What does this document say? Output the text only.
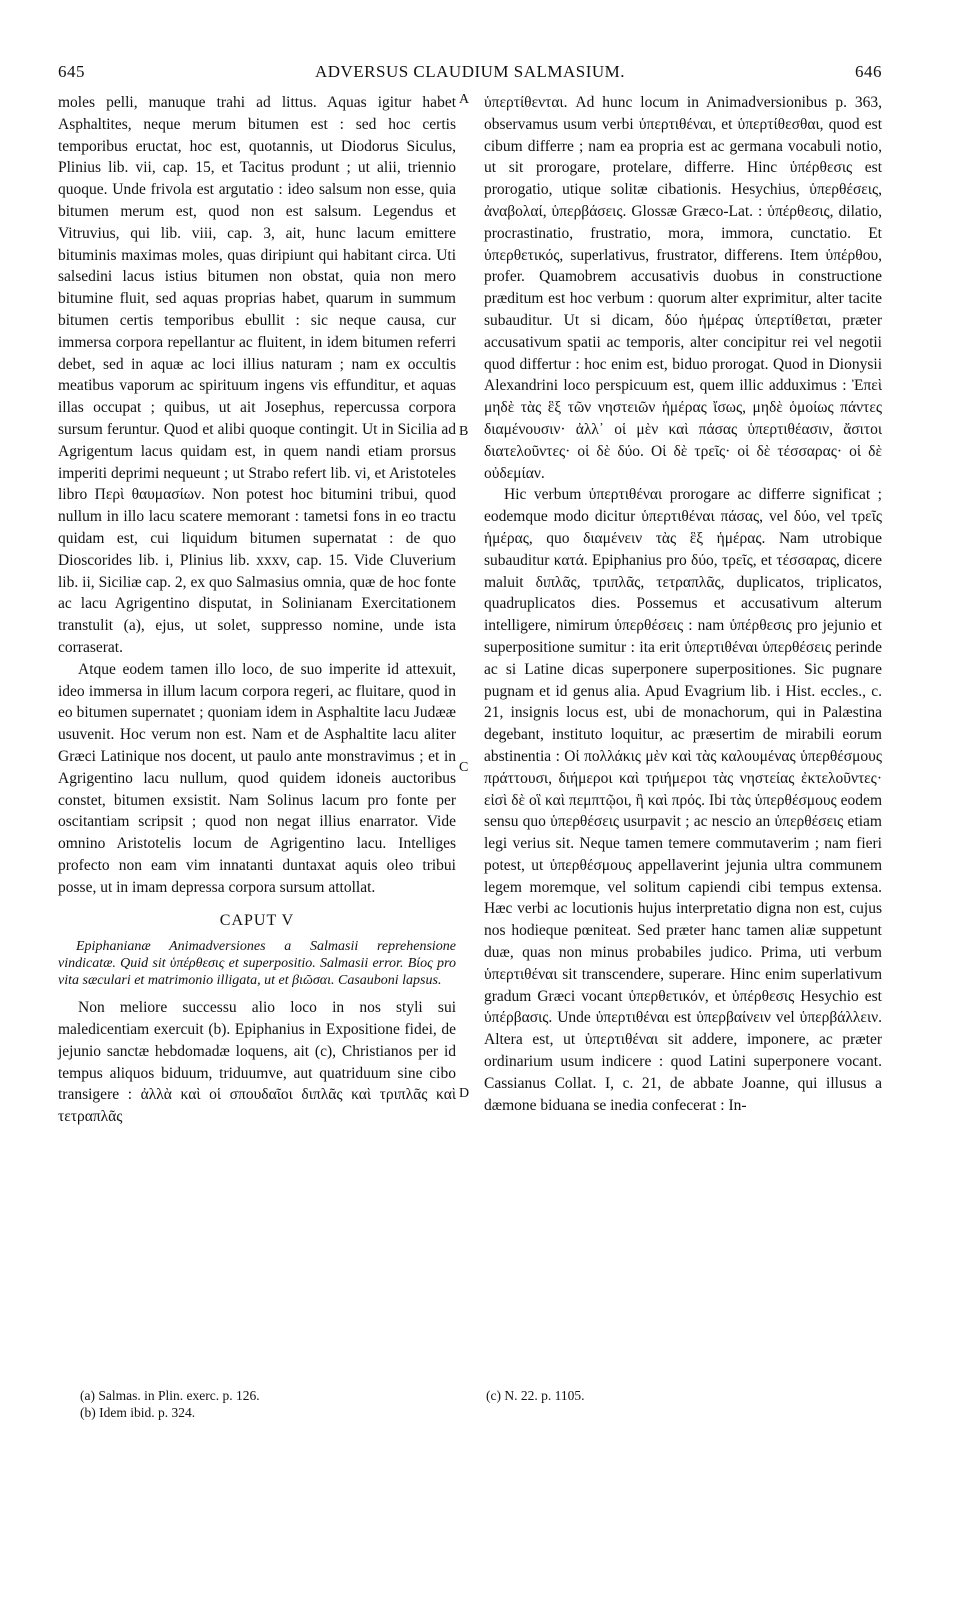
645	ADVERSUS CLAUDIUM SALMASIUM.	646

moles pelli, manuque trahi ad littus. Aquas igitur habet Asphaltites, neque merum bitumen est : sed hoc certis temporibus eructat, hoc est, quotannis, ut Diodorus Siculus, Plinius lib. vii, cap. 15, et Tacitus produnt ; ut alii, triennio quoque. Unde frivola est argutatio : ideo salsum non esse, quia bitumen merum est, quod non est salsum. Legendus et Vitruvius, qui lib. viii, cap. 3, ait, hunc lacum emittere bituminis maximas moles, quas diripiunt qui habitant circa. Uti salsedini lacus istius bitumen non obstat, quia non mero bitumine fluit, sed aquas proprias habet, quarum in summum bitumen certis temporibus ebullit : sic neque causa, cur immersa corpora repellantur ac fluitent, in idem bitumen referri debet, sed in aquæ ac loci illius naturam ; nam ex occultis meatibus vaporum ac spirituum ingens vis effunditur, et aquas illas occupat ; quibus, ut ait Josephus, repercussa corpora sursum feruntur. Quod et alibi quoque contingit. Ut in Sicilia ad Agrigentum lacus quidam est, in quem nandi etiam prorsus imperiti deprimi nequeunt ; ut Strabo refert lib. vi, et Aristoteles libro Περὶ θαυμασίων. Non potest hoc bitumini tribui, quod nullum in illo lacu scatere memorant : tametsi fons in eo tractu quidam est, cui liquidum bitumen supernatat : de quo Dioscorides lib. i, Plinius lib. xxxv, cap. 15. Vide Cluverium lib. ii, Siciliæ cap. 2, ex quo Salmasius omnia, quæ de hoc fonte ac lacu Agrigentino disputat, in Solinianam Exercitationem transtulit (a), ejus, ut solet, suppresso nomine, unde ista corraserat.

Atque eodem tamen illo loco, de suo imperite id attexuit, ideo immersa in illum lacum corpora regeri, ac fluitare, quod in eo bitumen supernatet ; quoniam idem in Asphaltite lacu Judææ usuvenit. Hoc verum non est. Nam et de Asphaltite lacu aliter Græci Latinique nos docent, ut paulo ante monstravimus ; et in Agrigentino lacu nullum, quod quidem idoneis auctoribus constet, bitumen exsistit. Nam Solinus lacum pro fonte per oscitantiam scripsit ; quod non negat illius enarrator. Vide omnino Aristotelis locum de Agrigentino lacu. Intelliges profecto non eam vim innatanti duntaxat aquis oleo tribui posse, ut in imam depressa corpora sursum attollat.

CAPUT V
Epiphanianæ Animadversiones a Salmasii reprehensione vindicatæ. Quid sit ὑπέρθεσις et superpositio. Salmasii error. Βίος pro vita sæculari et matrimonio illigata, ut et βιῶσαι. Casauboni lapsus.

Non meliore successu alio loco in nos styli sui maledicentiam exercuit (b). Epiphanius in Expositione fidei, de jejunio sanctæ hebdomadæ loquens, ait (c), Christianos per id tempus aliquos biduum, triduumve, aut quatriduum sine cibo transigere : ἀλλὰ καὶ οἱ σπουδαῖοι διπλᾶς καὶ τριπλᾶς καὶ τετραπλᾶς

A
B
C
D

ὑπερτίθενται. Ad hunc locum in Animadversionibus p. 363, observamus usum verbi ὑπερτιθέναι, et ὑπερτίθεσθαι, quod est cibum differre ; nam ea propria est ac germana vocabuli notio, ut sit prorogare, protelare, differre. Hinc ὑπέρθεσις est prorogatio, utique solitæ cibationis. Hesychius, ὑπερθέσεις, ἀναβολαί, ὑπερβάσεις. Glossæ Græco-Lat. : ὑπέρθεσις, dilatio, procrastinatio, frustratio, mora, immora, cunctatio. Et ὑπερθετικός, superlativus, frustrator, differens. Item ὑπέρθου, profer. Quamobrem accusativis duobus in constructione præditum est hoc verbum : quorum alter exprimitur, alter tacite subauditur. Ut si dicam, δύο ἡμέρας ὑπερτίθεται, præter accusativum spatii ac temporis, alter concipitur rei vel negotii quod differtur : hoc enim est, biduo prorogat. Quod in Dionysii Alexandrini loco perspicuum est, quem illic adduximus : Ἐπεὶ μηδὲ τὰς ἓξ τῶν νηστειῶν ἡμέρας ἴσως, μηδὲ ὁμοίως πάντες διαμένουσιν· ἀλλ᾽ οἱ μὲν καὶ πάσας ὑπερτιθέασιν, ἄσιτοι διατελοῦντες· οἱ δὲ δύο. Οἱ δὲ τρεῖς· οἱ δὲ τέσσαρας· οἱ δὲ οὐδεμίαν.

Hic verbum ὑπερτιθέναι prorogare ac differre significat ; eodemque modo dicitur ὑπερτιθέναι πάσας, vel δύο, vel τρεῖς ἡμέρας, quo διαμένειν τὰς ἓξ ἡμέρας. Nam utrobique subauditur κατά. Epiphanius pro δύο, τρεῖς, et τέσσαρας, dicere maluit διπλᾶς, τριπλᾶς, τετραπλᾶς, duplicatos, triplicatos, quadruplicatos dies. Possemus et accusativum alterum intelligere, nimirum ὑπερθέσεις : nam ὑπέρθεσις pro jejunio et superpositione sumitur : ita erit ὑπερτιθέναι ὑπερθέσεις perinde ac si Latine dicas superponere superpositiones. Sic pugnare pugnam et id genus alia. Apud Evagrium lib. i Hist. eccles., c. 21, insignis locus est, ubi de monachorum, qui in Palæstina degebant, instituto loquitur, ac præsertim de mirabili eorum abstinentia : Οἱ πολλάκις μὲν καὶ τὰς καλουμένας ὑπερθέσμους πράττουσι, διήμεροι καὶ τριήμεροι τὰς νηστείας ἐκτελοῦντες· εἰσὶ δὲ οἳ καὶ πεμπτῷοι, ἢ καὶ πρός. Ibi τὰς ὑπερθέσμους eodem sensu quo ὑπερθέσεις usurpavit ; ac nescio an ὑπερθέσεις etiam legi verius sit. Neque tamen temere commutaverim ; nam fieri potest, ut ὑπερθέσμους appellaverint jejunia ultra communem legem moremque, vel solitum capiendi cibi tempus extensa. Hæc verbi ac locutionis hujus interpretatio digna non est, cujus nos hodieque pœniteat. Sed præter hanc tamen aliæ suppetunt duæ, quas non minus probabiles judico. Prima, uti verbum ὑπερτιθέναι sit transcendere, superare. Hinc enim superlativum gradum Græci vocant ὑπερθετικόν, et ὑπέρθεσις Hesychio est ὑπέρβασις. Unde ὑπερτιθέναι est ὑπερβαίνειν vel ὑπερβάλλειν. Altera est, ut ὑπερτιθέναι sit addere, imponere, ac præter ordinarium usum indicere : quod Latini superponere vocant. Cassianus Collat. I, c. 21, de abbate Joanne, qui illusus a dæmone biduana se inedia confecerat : In-

(a) Salmas. in Plin. exerc. p. 126.
(b) Idem ibid. p. 324.
(c) N. 22. p. 1105.
